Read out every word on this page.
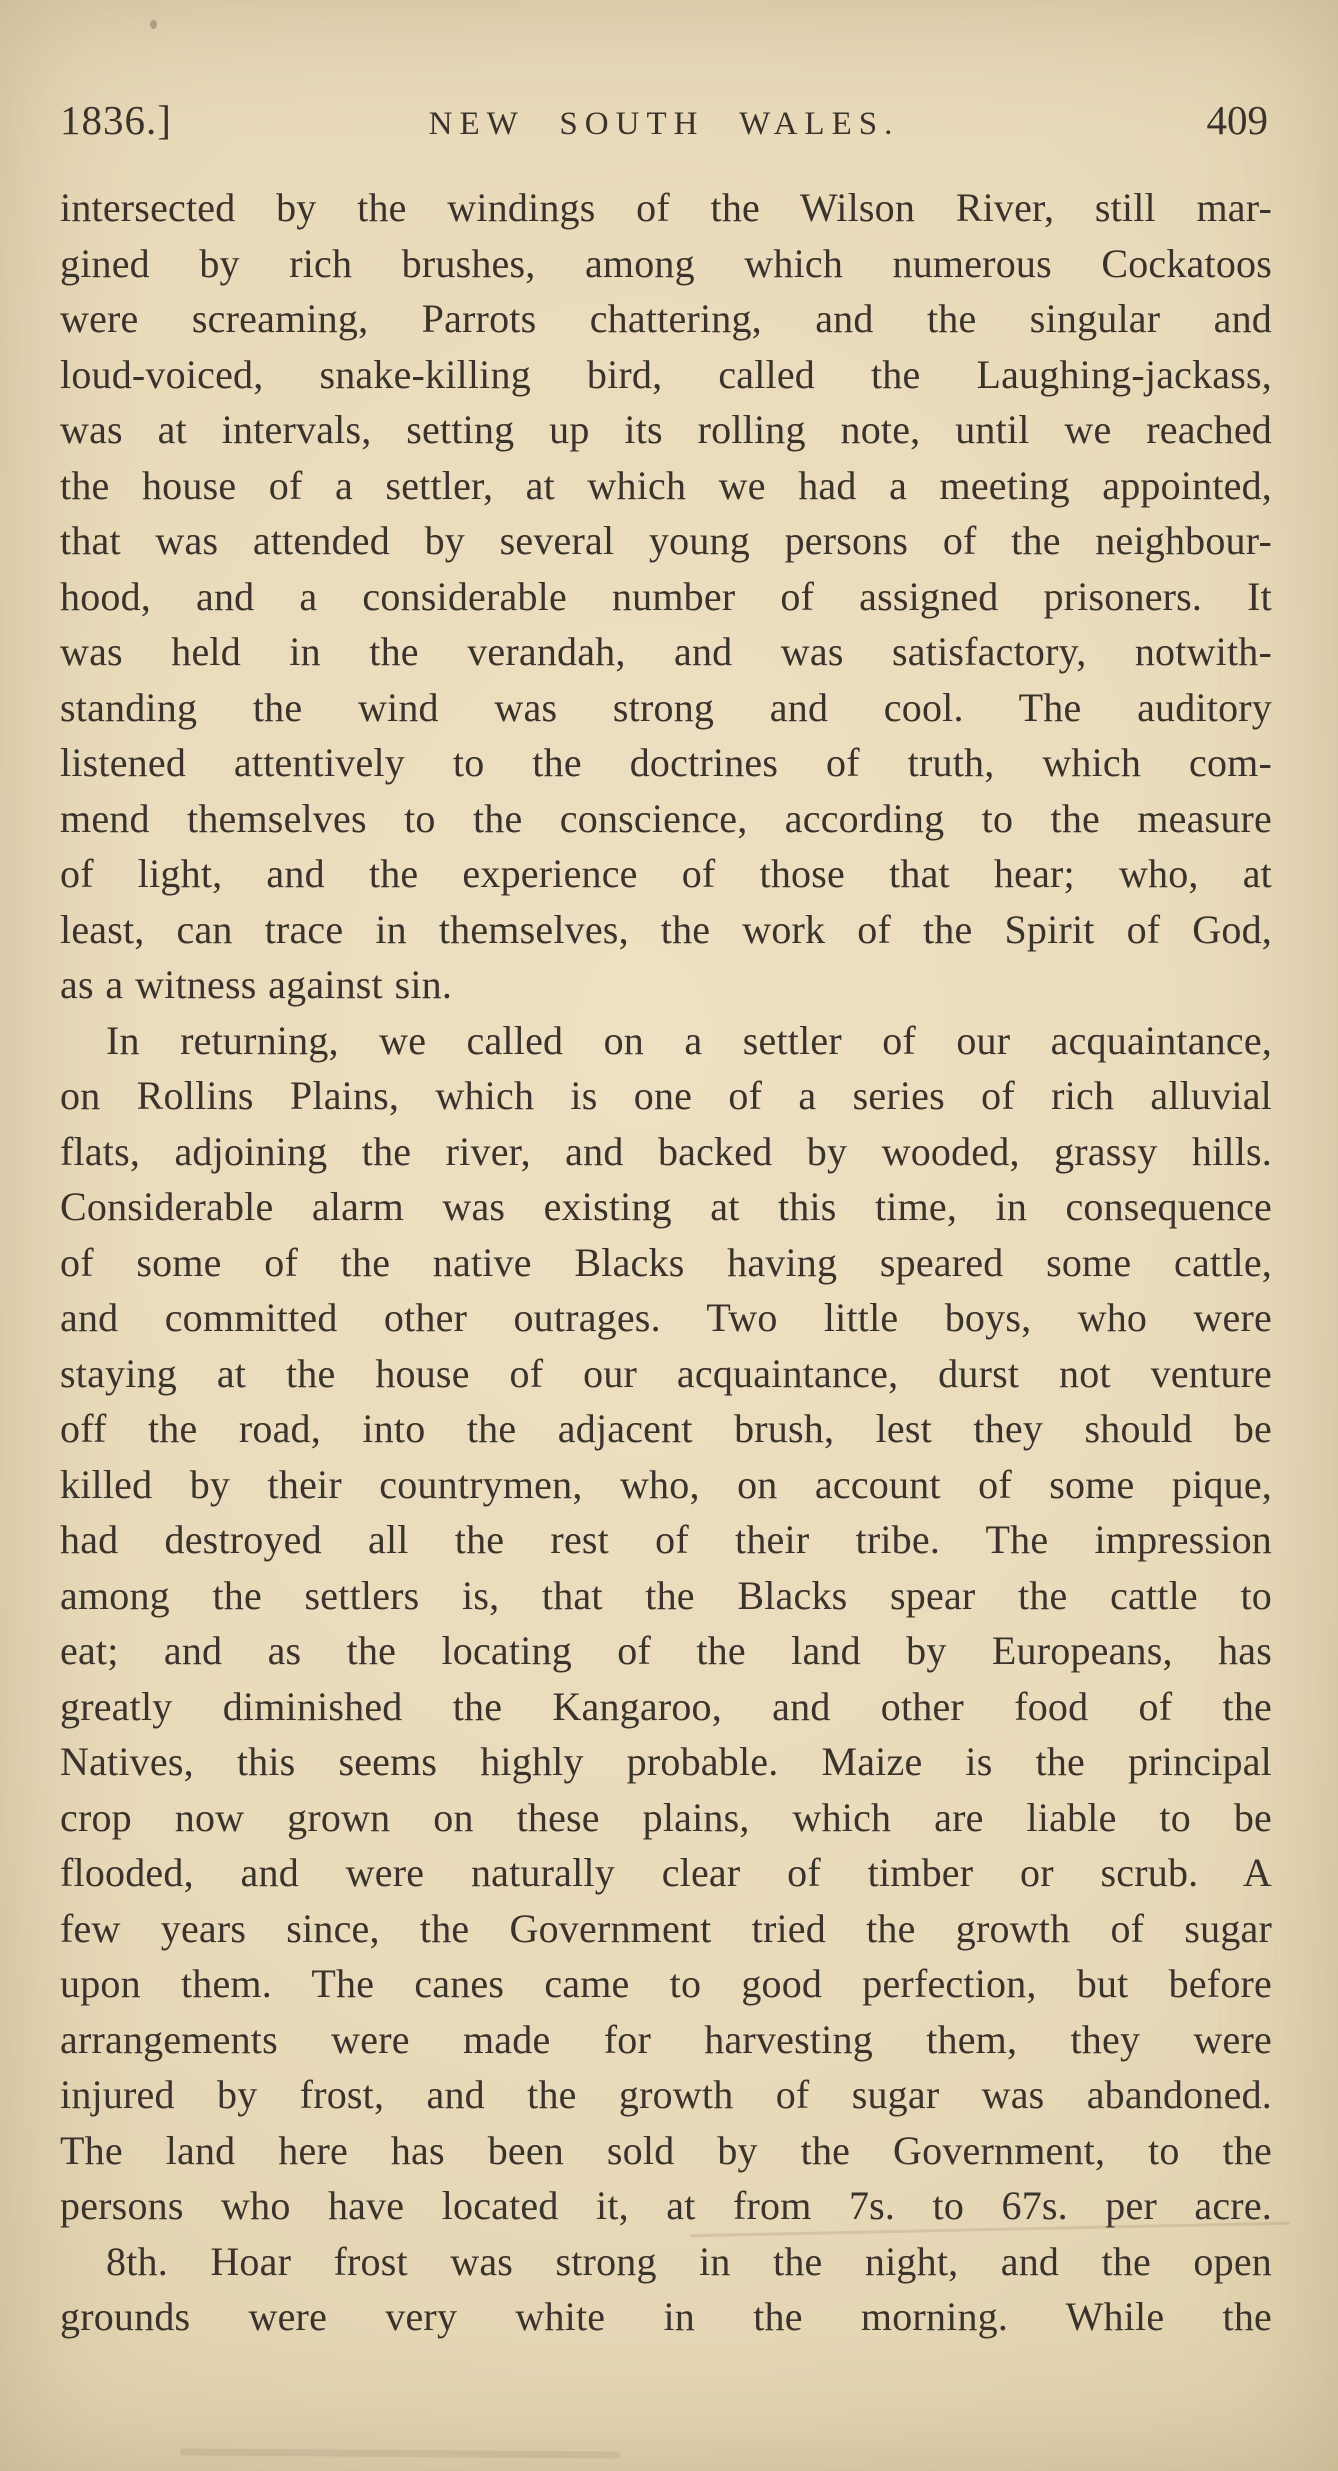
1836.]	NEW SOUTH WALES.	409
intersected by the windings of the Wilson River, still mar-
gined by rich brushes, among which numerous Cockatoos
were screaming, Parrots chattering, and the singular and
loud-voiced, snake-killing bird, called the Laughing-jackass,
was at intervals, setting up its rolling note, until we reached
the house of a settler, at which we had a meeting appointed,
that was attended by several young persons of the neighbour-
hood, and a considerable number of assigned prisoners. It
was held in the verandah, and was satisfactory, notwith-
standing the wind was strong and cool. The auditory
listened attentively to the doctrines of truth, which com-
mend themselves to the conscience, according to the measure
of light, and the experience of those that hear; who, at
least, can trace in themselves, the work of the Spirit of God,
as a witness against sin.
In returning, we called on a settler of our acquaintance,
on Rollins Plains, which is one of a series of rich alluvial
flats, adjoining the river, and backed by wooded, grassy hills.
Considerable alarm was existing at this time, in consequence
of some of the native Blacks having speared some cattle,
and committed other outrages. Two little boys, who were
staying at the house of our acquaintance, durst not venture
off the road, into the adjacent brush, lest they should be
killed by their countrymen, who, on account of some pique,
had destroyed all the rest of their tribe. The impression
among the settlers is, that the Blacks spear the cattle to
eat; and as the locating of the land by Europeans, has
greatly diminished the Kangaroo, and other food of the
Natives, this seems highly probable. Maize is the principal
crop now grown on these plains, which are liable to be
flooded, and were naturally clear of timber or scrub. A
few years since, the Government tried the growth of sugar
upon them. The canes came to good perfection, but before
arrangements were made for harvesting them, they were
injured by frost, and the growth of sugar was abandoned.
The land here has been sold by the Government, to the
persons who have located it, at from 7s. to 67s. per acre.
8th. Hoar frost was strong in the night, and the open
grounds were very white in the morning. While the
